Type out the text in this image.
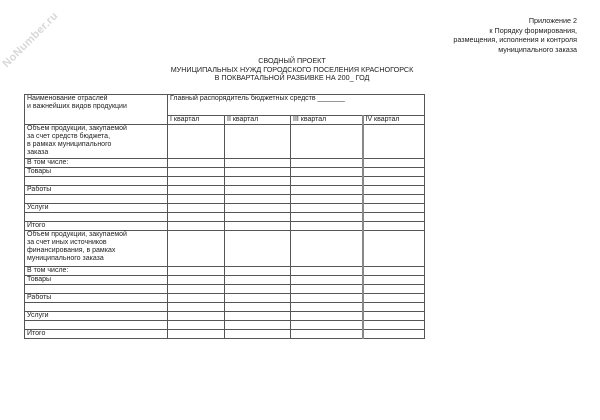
NoNumber.ru	Приложение 2
к Порядку формирования,
размещения, исполнения и контроля
муниципального заказа
СВОДНЫЙ ПРОЕКТ
МУНИЦИПАЛЬНЫХ НУЖД ГОРОДСКОГО ПОСЕЛЕНИЯ КРАСНОГОРСК
В ПОКВАРТАЛЬНОЙ РАЗБИВКЕ НА 200_ ГОД
Наименование отраслей
и важнейших видов продукции	Главный распорядитель бюджетных средств _______			
	I квартал	II квартал	III квартал	IV квартал

Объем продукции, закупаемой
за счет средств бюджета,
в рамках муниципального
заказа				

В том числе:				
Товары				

Работы				

Услуги				

Итого				

Объем продукции, закупаемой
за счет иных источников
финансирования, в рамках
муниципального заказа				

В том числе:				
Товары				

Работы				

Услуги				

Итого				
